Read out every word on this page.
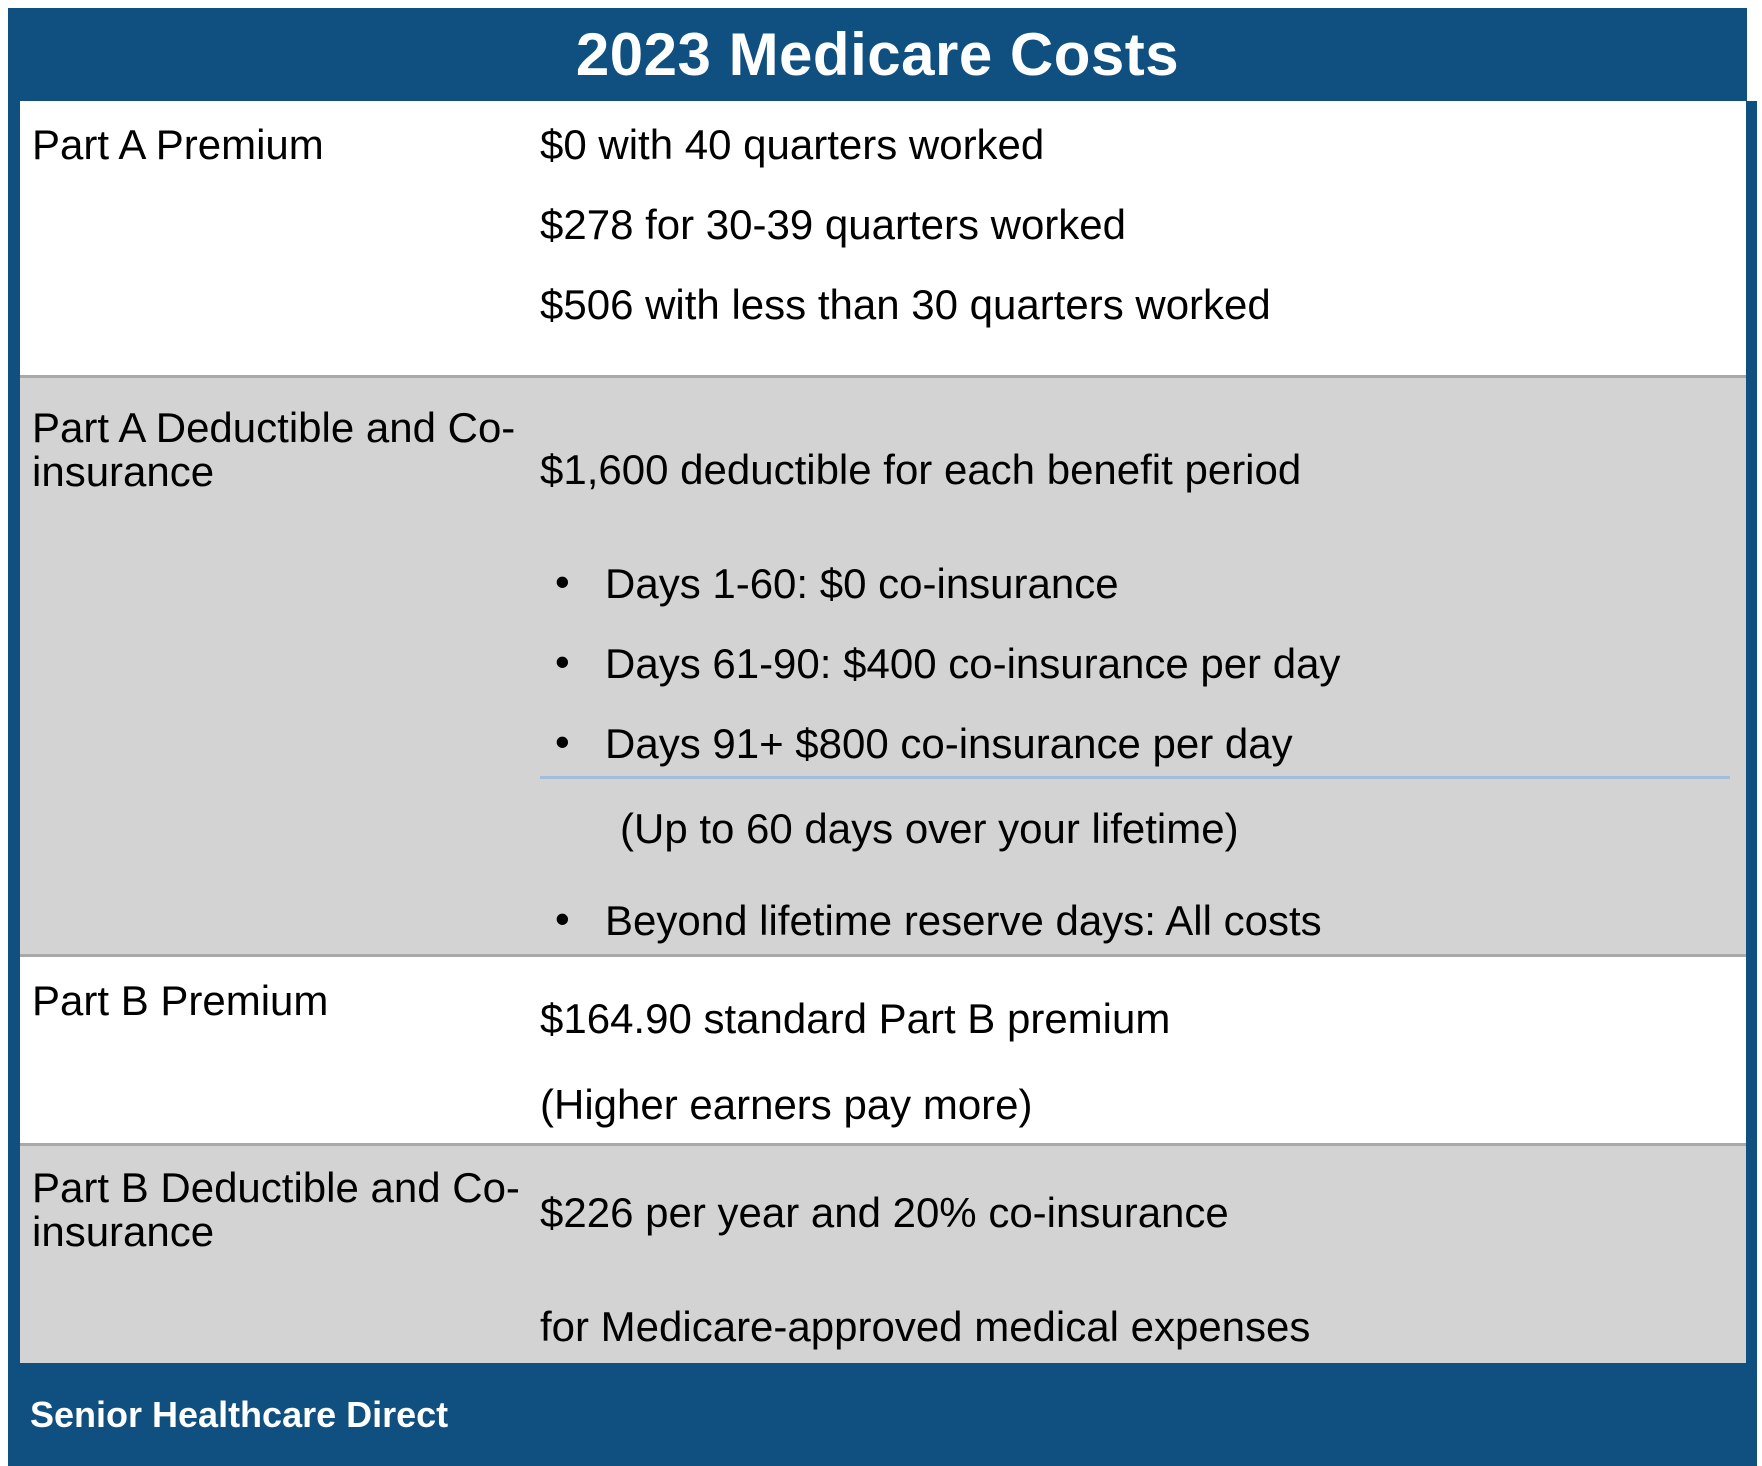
2023 Medicare Costs
Part A Premium	$0 with 40 quarters worked

$278 for 30-39 quarters worked

$506 with less than 30 quarters worked

Part A Deductible and Co-insurance	$1,600 deductible for each benefit period

• Days 1-60: $0 co-insurance
• Days 61-90: $400 co-insurance per day
• Days 91+ $800 co-insurance per day

(Up to 60 days over your lifetime)

• Beyond lifetime reserve days: All costs
Part B Premium	$164.90 standard Part B premium

(Higher earners pay more)

Part B Deductible and Co-insurance	$226 per year and 20% co-insurance

for Medicare-approved medical expenses

Senior Healthcare Direct
